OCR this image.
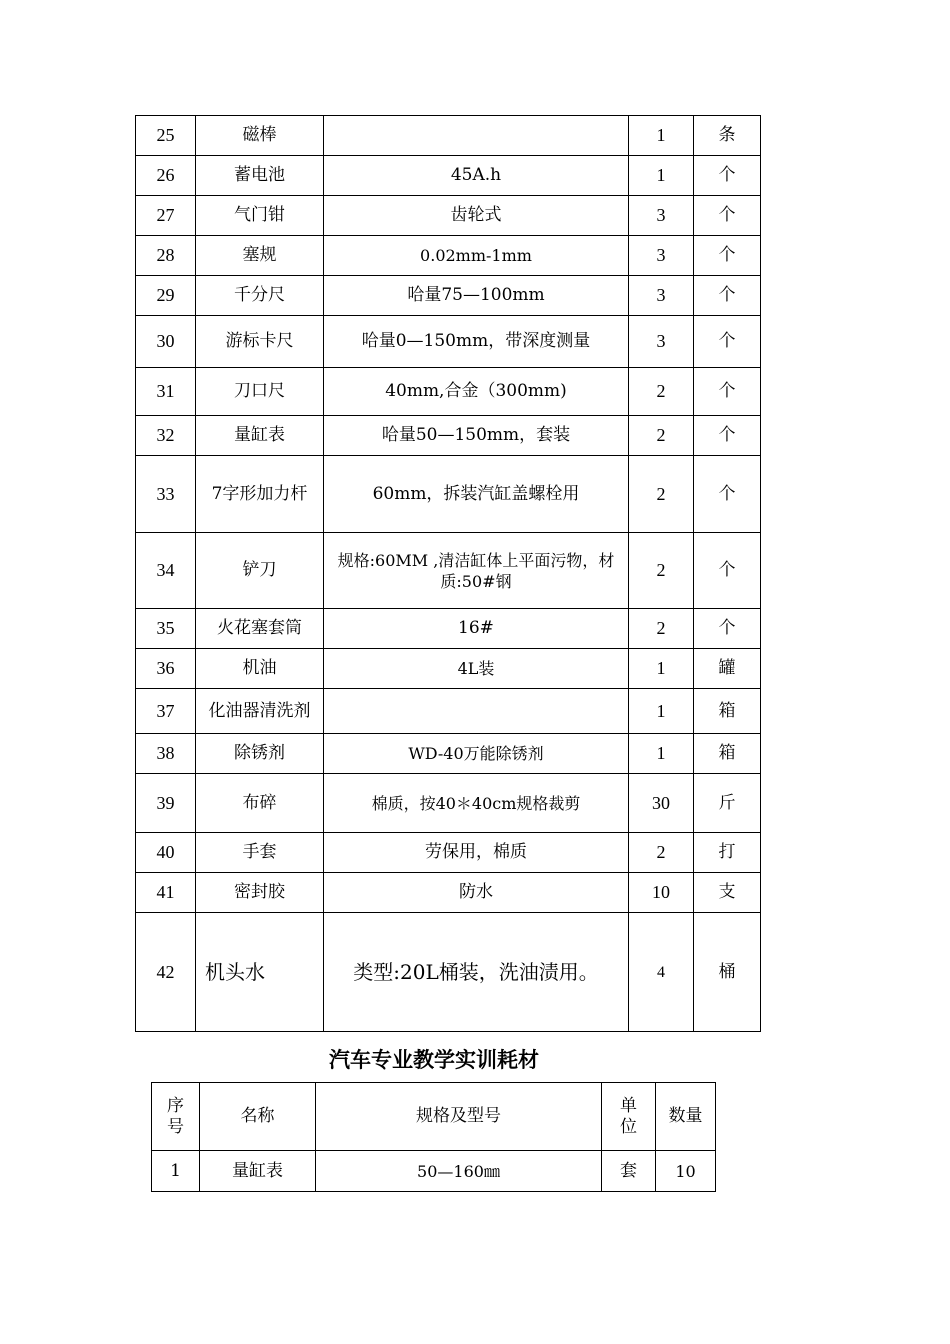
25	磁棒		1	条
26	蓄电池	45A.h	1	个
27	气门钳	齿轮式	3	个
28	塞规	0.02mm-1mm	3	个
29	千分尺	哈量75—100mm	3	个
30	游标卡尺	哈量0—150mm，带深度测量	3	个
31	刀口尺	40mm,合金（300mm)	2	个
32	量缸表	哈量50—150mm，套装	2	个
33	7字形加力杆	60mm，拆装汽缸盖螺栓用	2	个
34	铲刀	规格:60MM ,清洁缸体上平面污物，材质:50#钢	2	个
35	火花塞套筒	16#	2	个
36	机油	4L装	1	罐
37	化油器清洗剂		1	箱
38	除锈剂	WD-40万能除锈剂	1	箱
39	布碎	棉质，按40＊40cm规格裁剪	30	斤
40	手套	劳保用，棉质	2	打
41	密封胶	防水	10	支
42	机头水	类型:20L桶装，洗油渍用。	4	桶
汽车专业教学实训耗材
序号	名称	规格及型号	单位	数量
1	量缸表	50—160㎜	套	10
